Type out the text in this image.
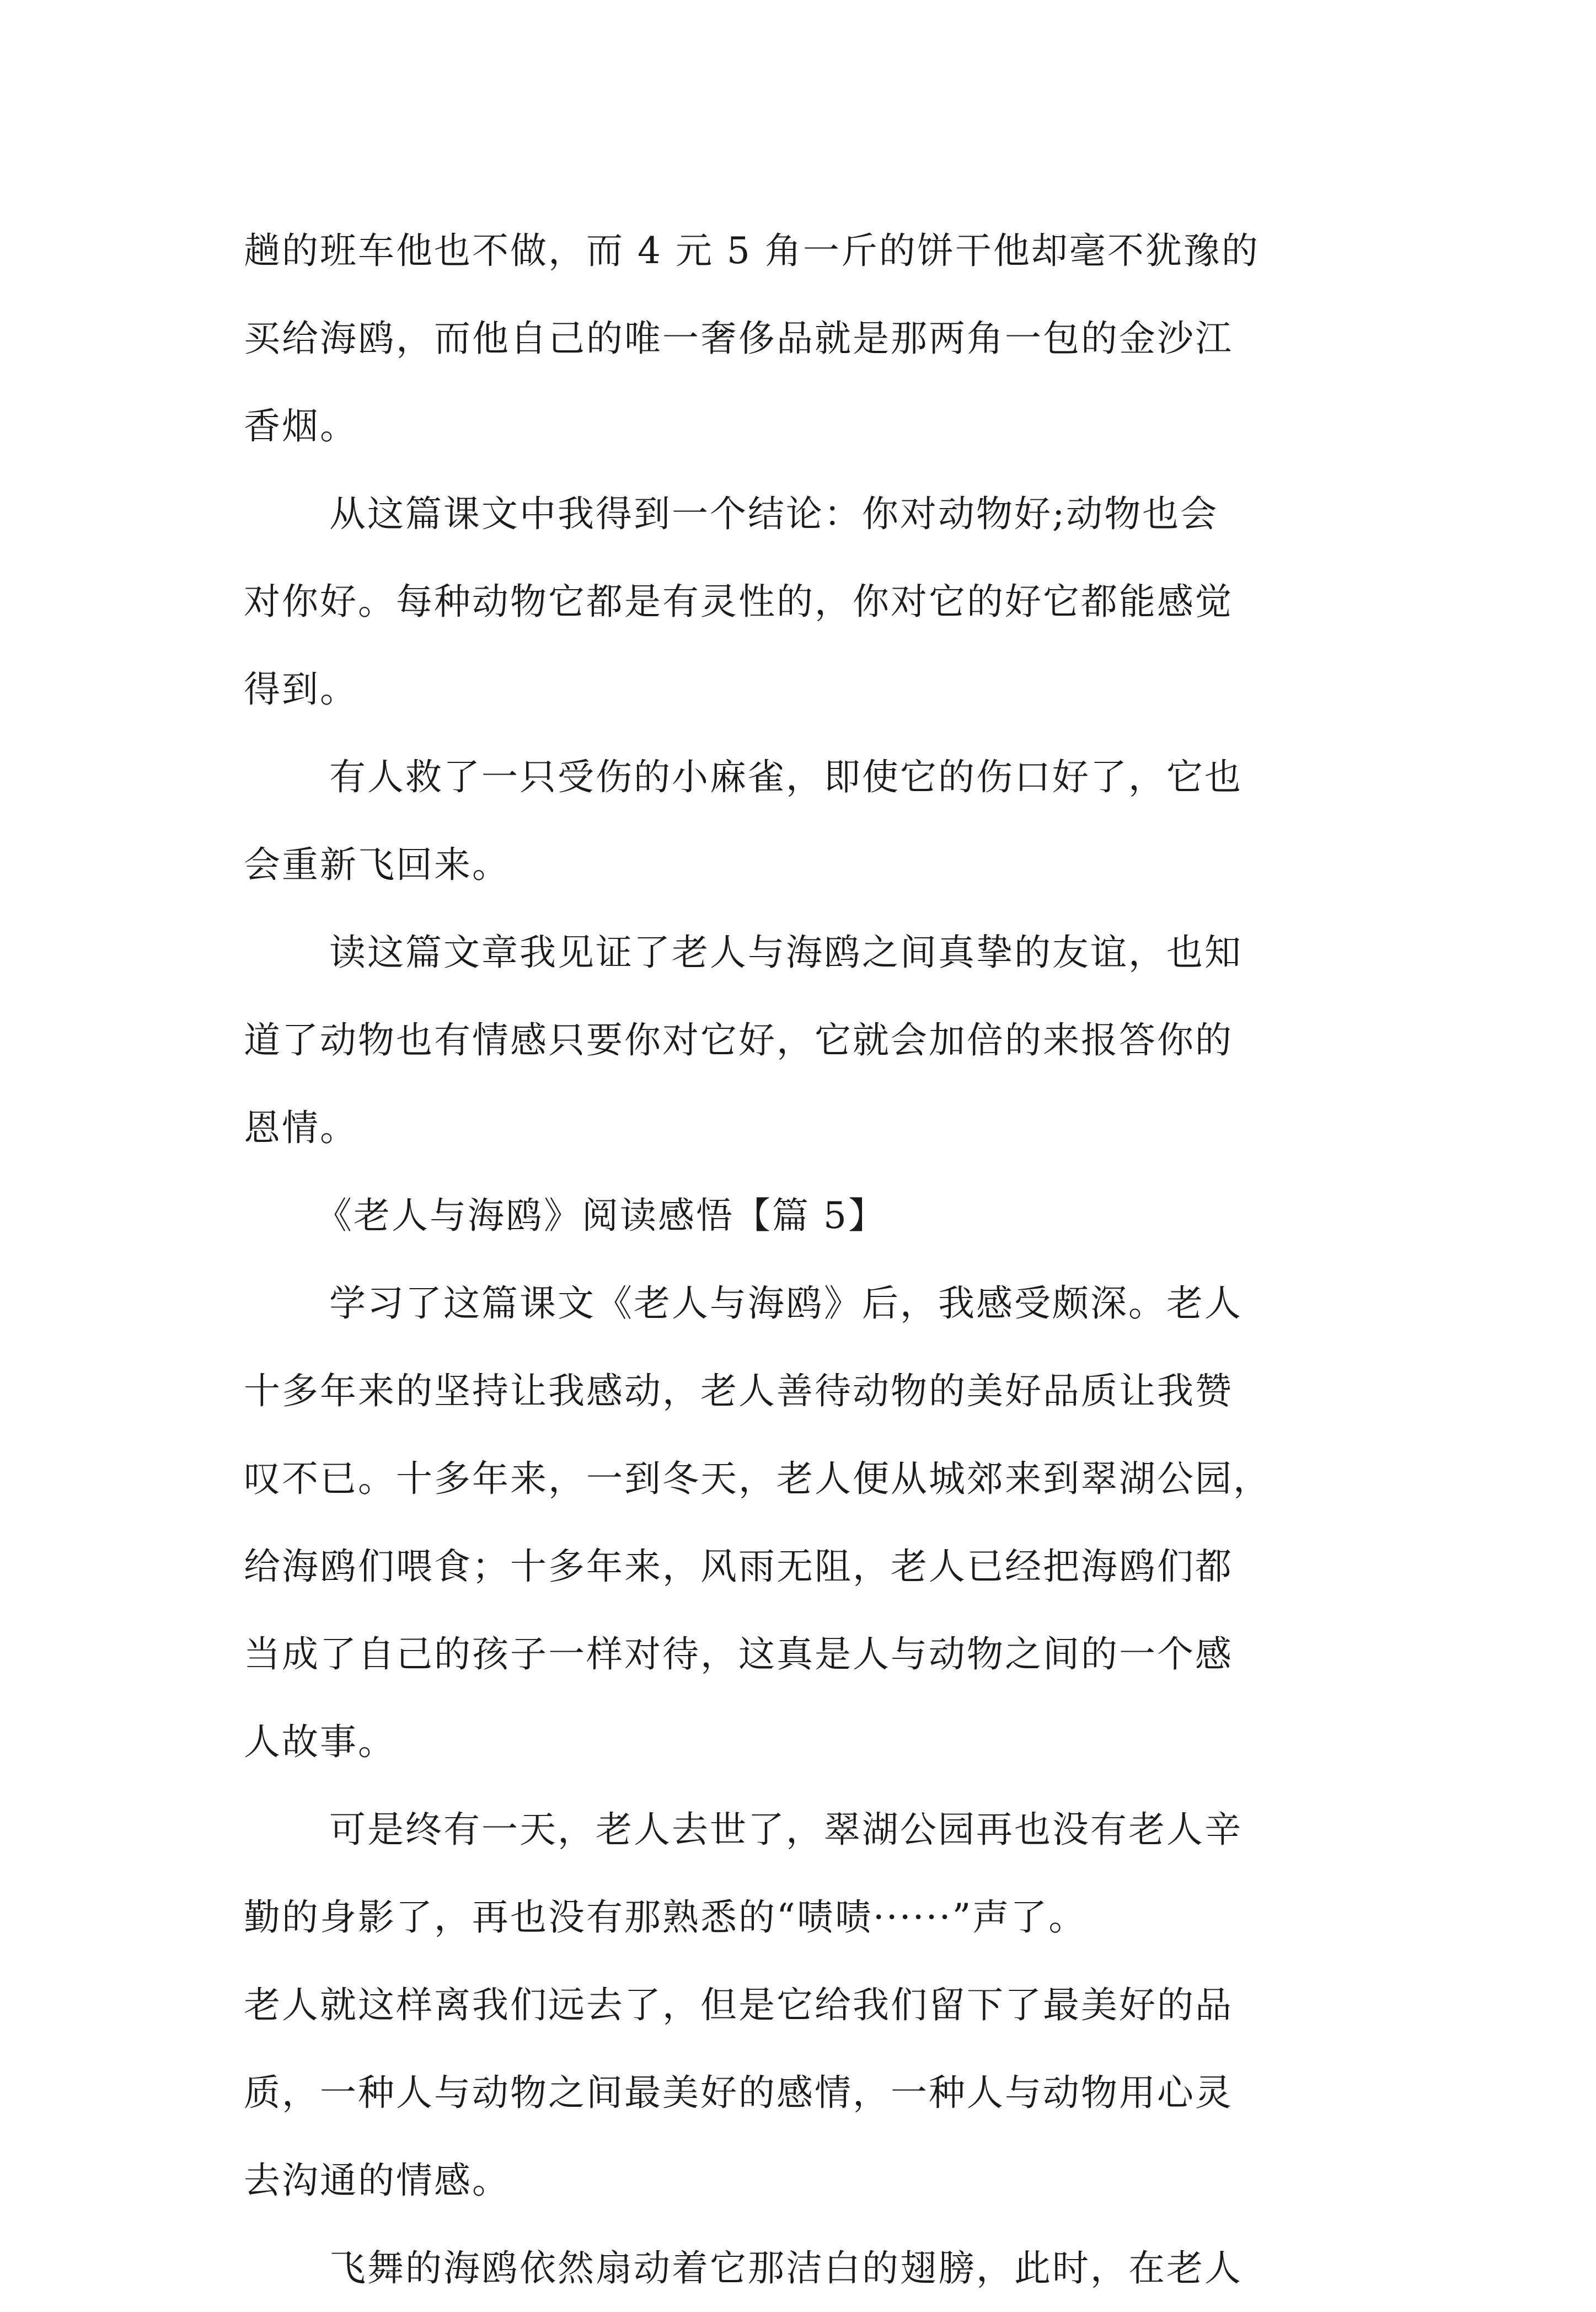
趟的班车他也不做，而 4 元 5 角一斤的饼干他却毫不犹豫的
买给海鸥，而他自己的唯一奢侈品就是那两角一包的金沙江
香烟。
从这篇课文中我得到一个结论：你对动物好;动物也会
对你好。每种动物它都是有灵性的，你对它的好它都能感觉
得到。
有人救了一只受伤的小麻雀，即使它的伤口好了，它也
会重新飞回来。
读这篇文章我见证了老人与海鸥之间真挚的友谊，也知
道了动物也有情感只要你对它好，它就会加倍的来报答你的
恩情。
《老人与海鸥》阅读感悟【篇 5】
学习了这篇课文《老人与海鸥》后，我感受颇深。老人
十多年来的坚持让我感动，老人善待动物的美好品质让我赞
叹不已。十多年来，一到冬天，老人便从城郊来到翠湖公园，
给海鸥们喂食；十多年来，风雨无阻，老人已经把海鸥们都
当成了自己的孩子一样对待，这真是人与动物之间的一个感
人故事。
可是终有一天，老人去世了，翠湖公园再也没有老人辛
勤的身影了，再也没有那熟悉的“啧啧······”声了。
老人就这样离我们远去了，但是它给我们留下了最美好的品
质，一种人与动物之间最美好的感情，一种人与动物用心灵
去沟通的情感。
飞舞的海鸥依然扇动着它那洁白的翅膀，此时，在老人
